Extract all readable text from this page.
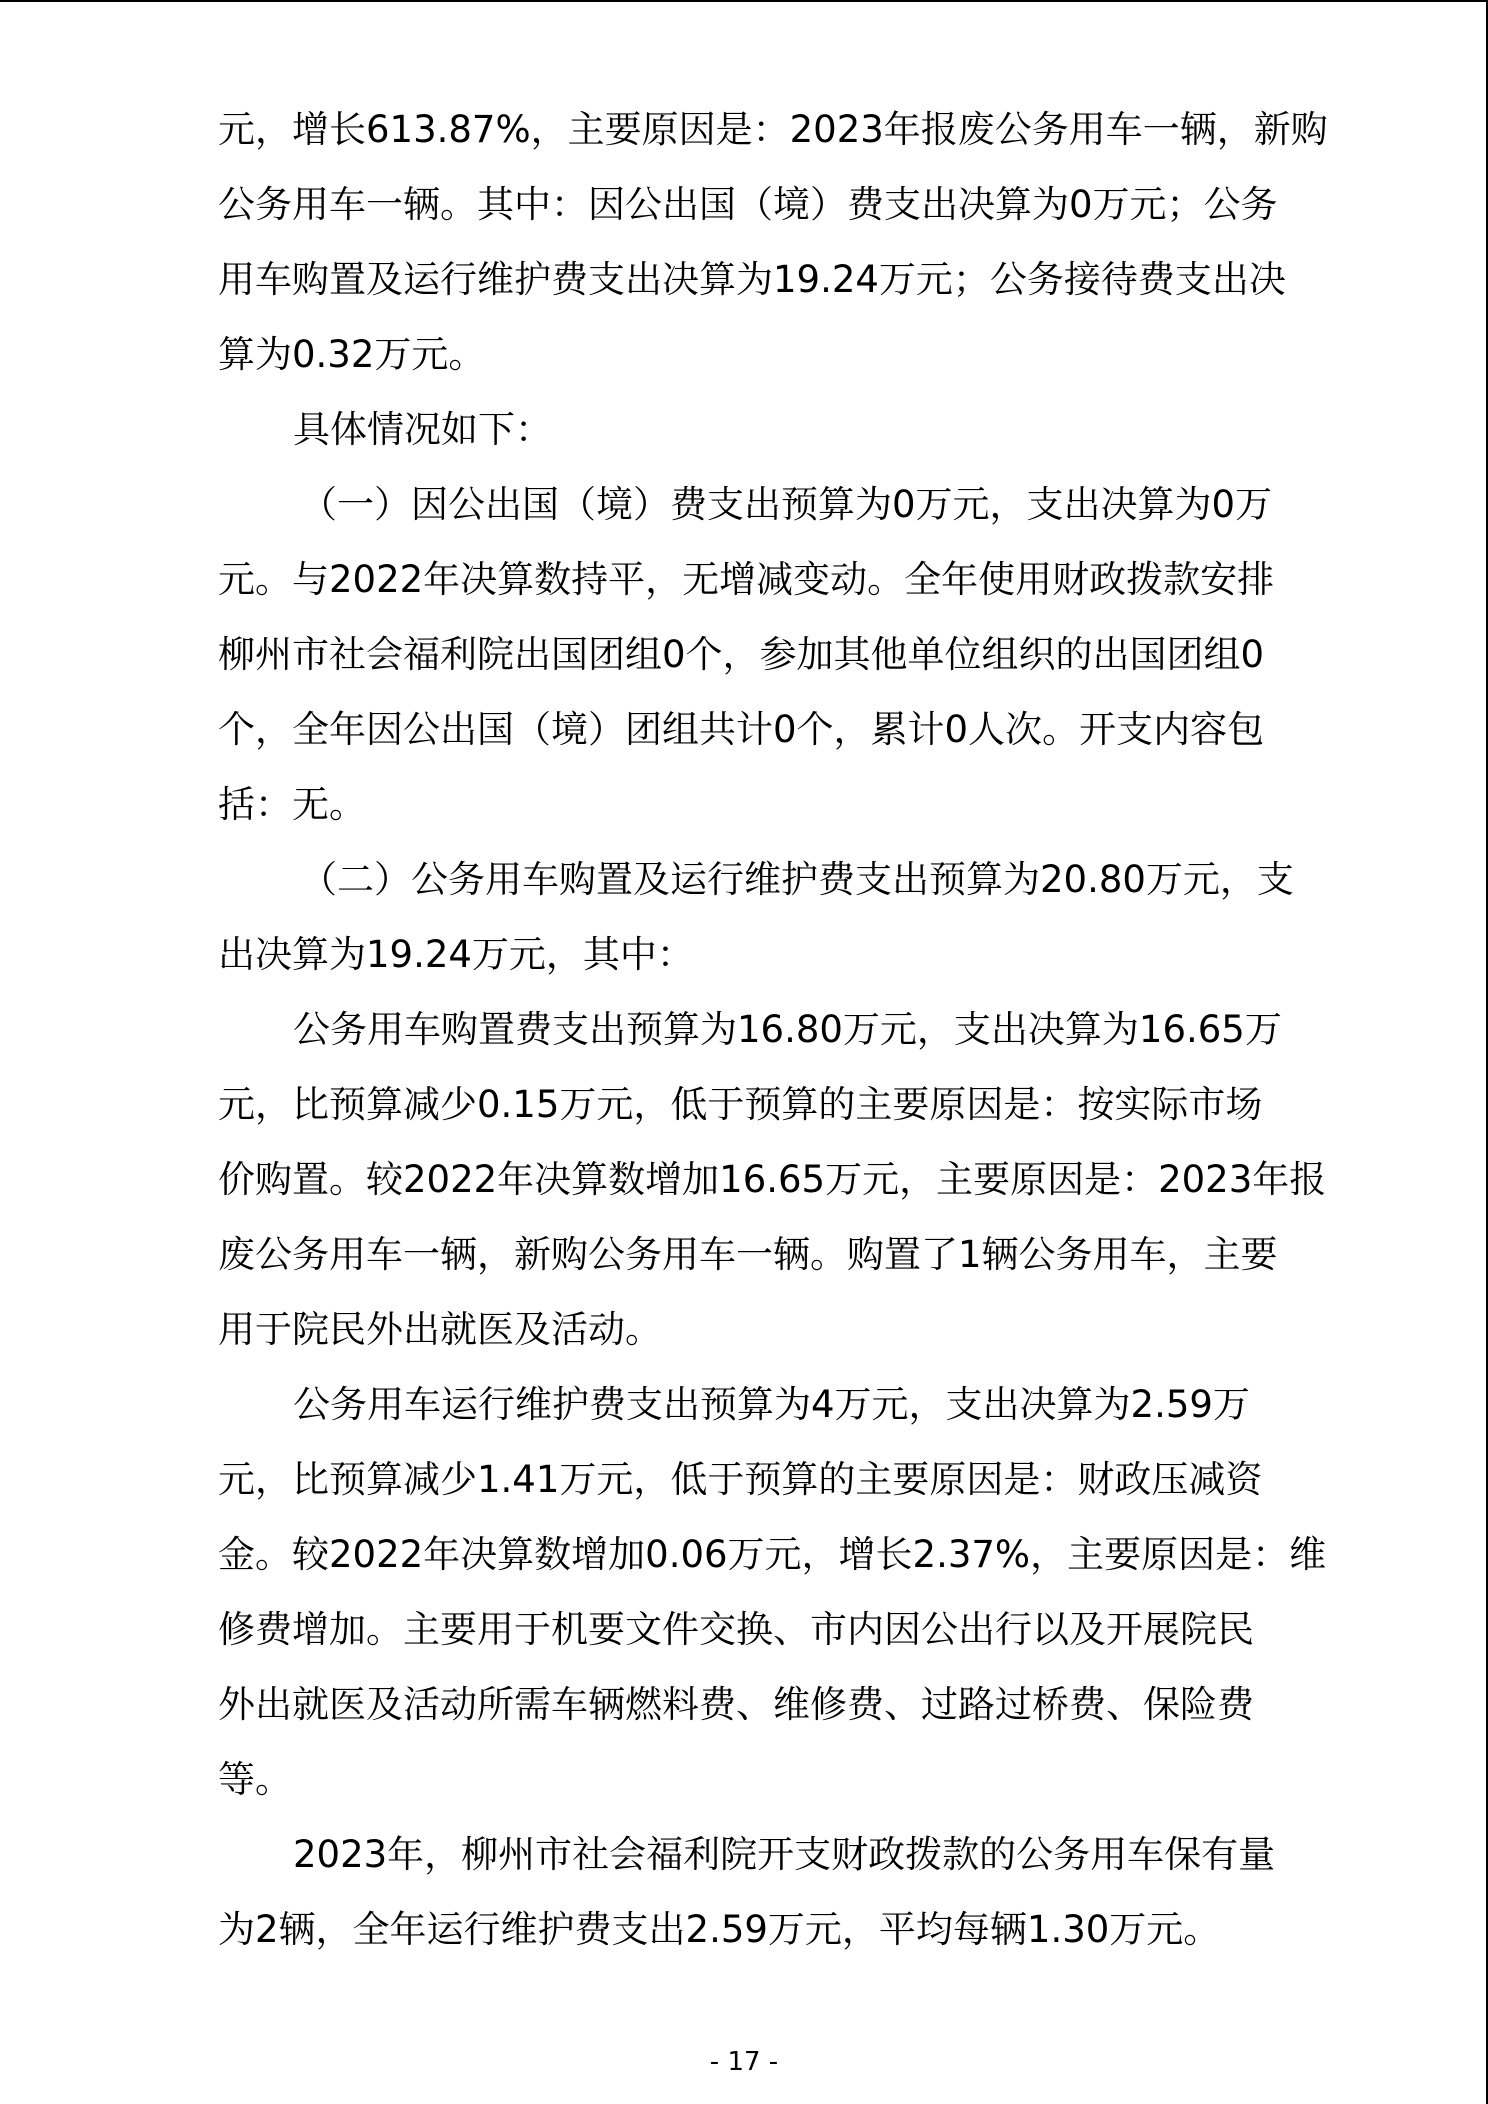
元，增长613.87%，主要原因是：2023年报废公务用车一辆，新购
公务用车一辆。其中：因公出国（境）费支出决算为0万元；公务
用车购置及运行维护费支出决算为19.24万元；公务接待费支出决
算为0.32万元。
具体情况如下：
（一）因公出国（境）费支出预算为0万元，支出决算为0万
元。与2022年决算数持平，无增减变动。全年使用财政拨款安排
柳州市社会福利院出国团组0个，参加其他单位组织的出国团组0
个，全年因公出国（境）团组共计0个，累计0人次。开支内容包
括：无。
（二）公务用车购置及运行维护费支出预算为20.80万元，支
出决算为19.24万元，其中：
公务用车购置费支出预算为16.80万元，支出决算为16.65万
元，比预算减少0.15万元，低于预算的主要原因是：按实际市场
价购置。较2022年决算数增加16.65万元，主要原因是：2023年报
废公务用车一辆，新购公务用车一辆。购置了1辆公务用车，主要
用于院民外出就医及活动。
公务用车运行维护费支出预算为4万元，支出决算为2.59万
元，比预算减少1.41万元，低于预算的主要原因是：财政压减资
金。较2022年决算数增加0.06万元，增长2.37%，主要原因是：维
修费增加。主要用于机要文件交换、市内因公出行以及开展院民
外出就医及活动所需车辆燃料费、维修费、过路过桥费、保险费
等。
2023年，柳州市社会福利院开支财政拨款的公务用车保有量
为2辆，全年运行维护费支出2.59万元，平均每辆1.30万元。
- 17 -
